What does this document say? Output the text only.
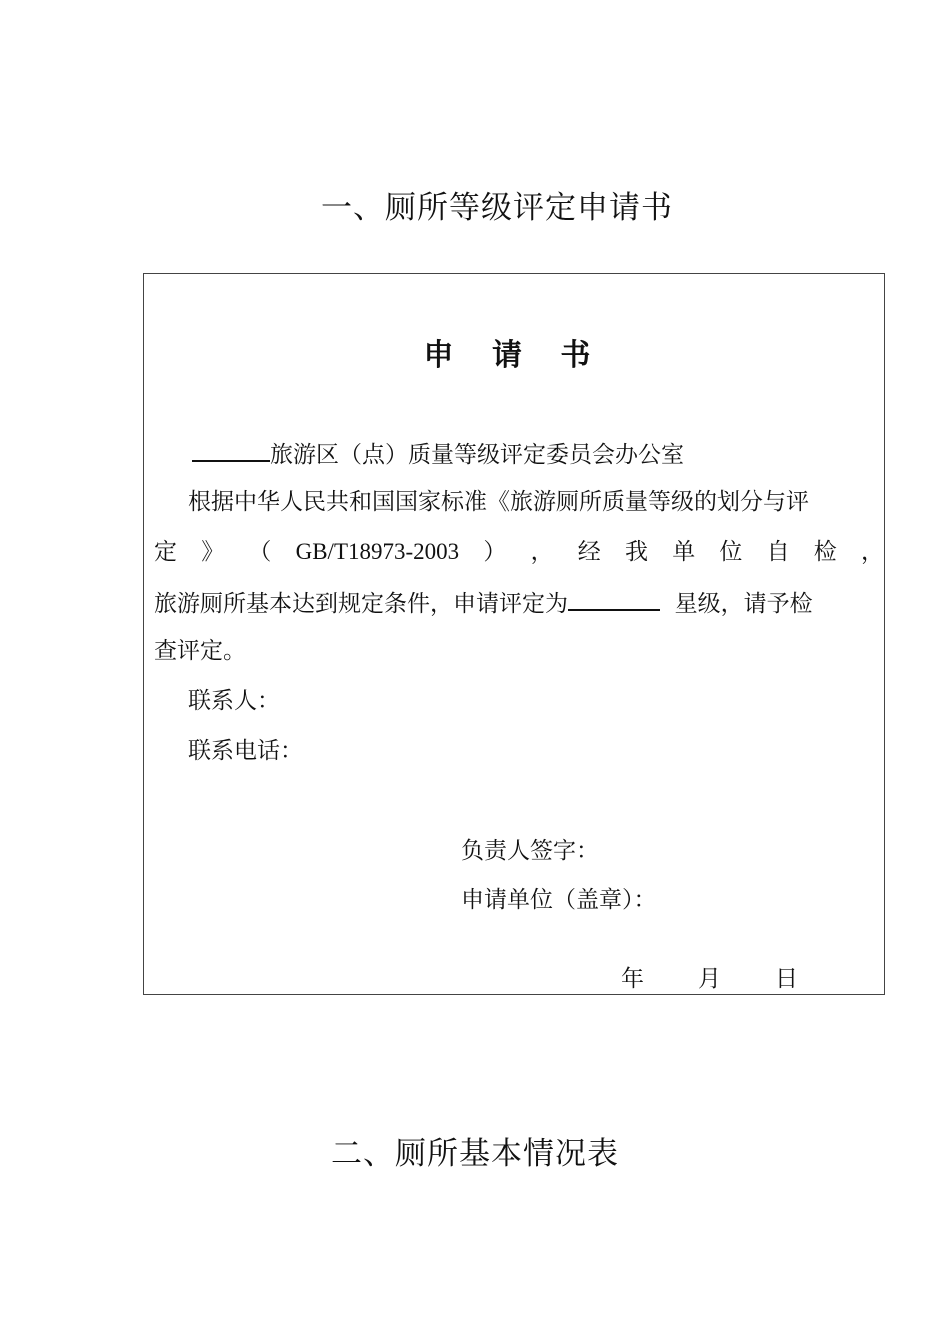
一、厕所等级评定申请书
申 请 书
旅游区（点）质量等级评定委员会办公室
根据中华人民共和国国家标准《旅游厕所质量等级的划分与评
定 》 （ GB/T18973-2003 ） ， 经 我 单 位 自 检 ，
旅游厕所基本达到规定条件，申请评定为	星级，请予检
查评定。
联系人：
联系电话：
负责人签字：
申请单位（盖章）：
年 月 日
二、厕所基本情况表
